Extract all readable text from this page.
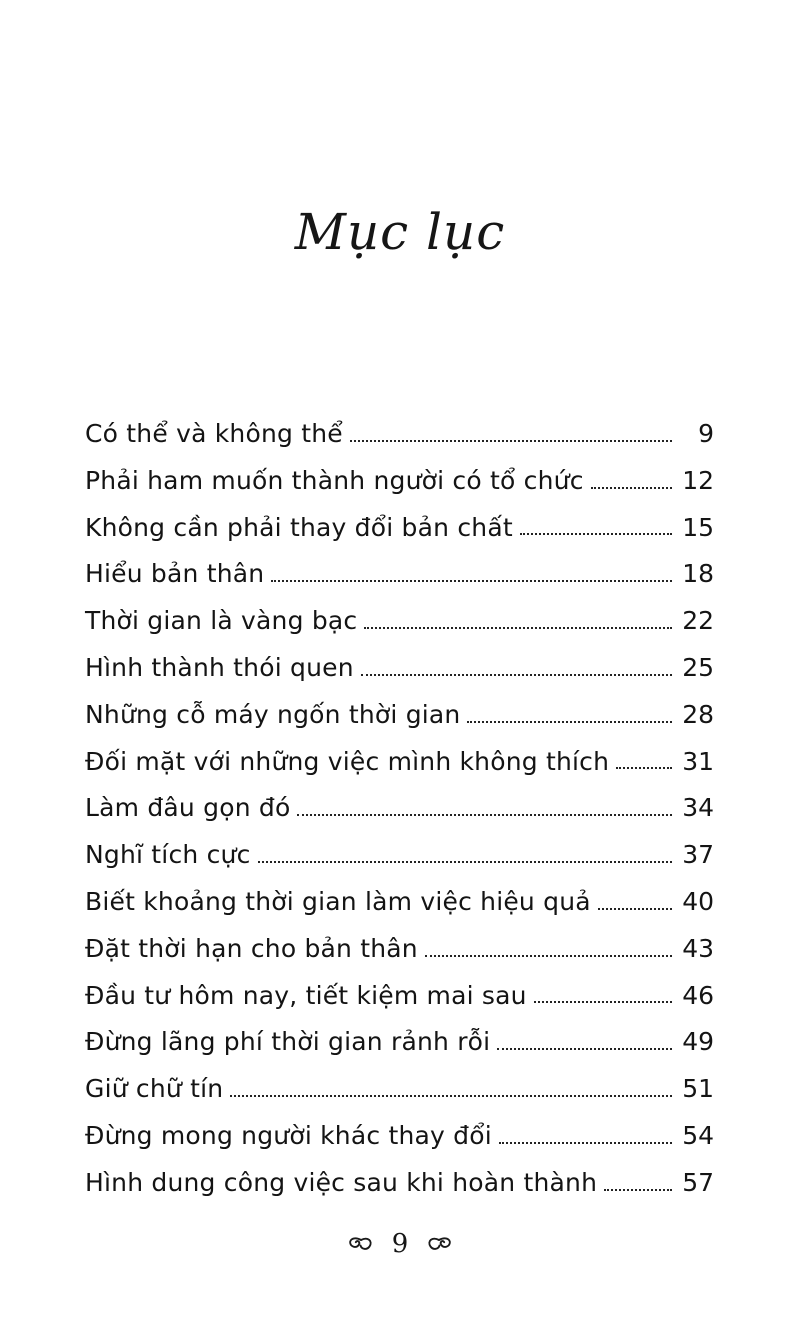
Mục lục
Có thể và không thể	9
Phải ham muốn thành người có tổ chức	12
Không cần phải thay đổi bản chất	15
Hiểu bản thân	18
Thời gian là vàng bạc	22
Hình thành thói quen	25
Những cỗ máy ngốn thời gian	28
Đối mặt với những việc mình không thích	31
Làm đâu gọn đó	34
Nghĩ tích cực	37
Biết khoảng thời gian làm việc hiệu quả	40
Đặt thời hạn cho bản thân	43
Đầu tư hôm nay, tiết kiệm mai sau	46
Đừng lãng phí thời gian rảnh rỗi	49
Giữ chữ tín	51
Đừng mong người khác thay đổi	54
Hình dung công việc sau khi hoàn thành	57
9
